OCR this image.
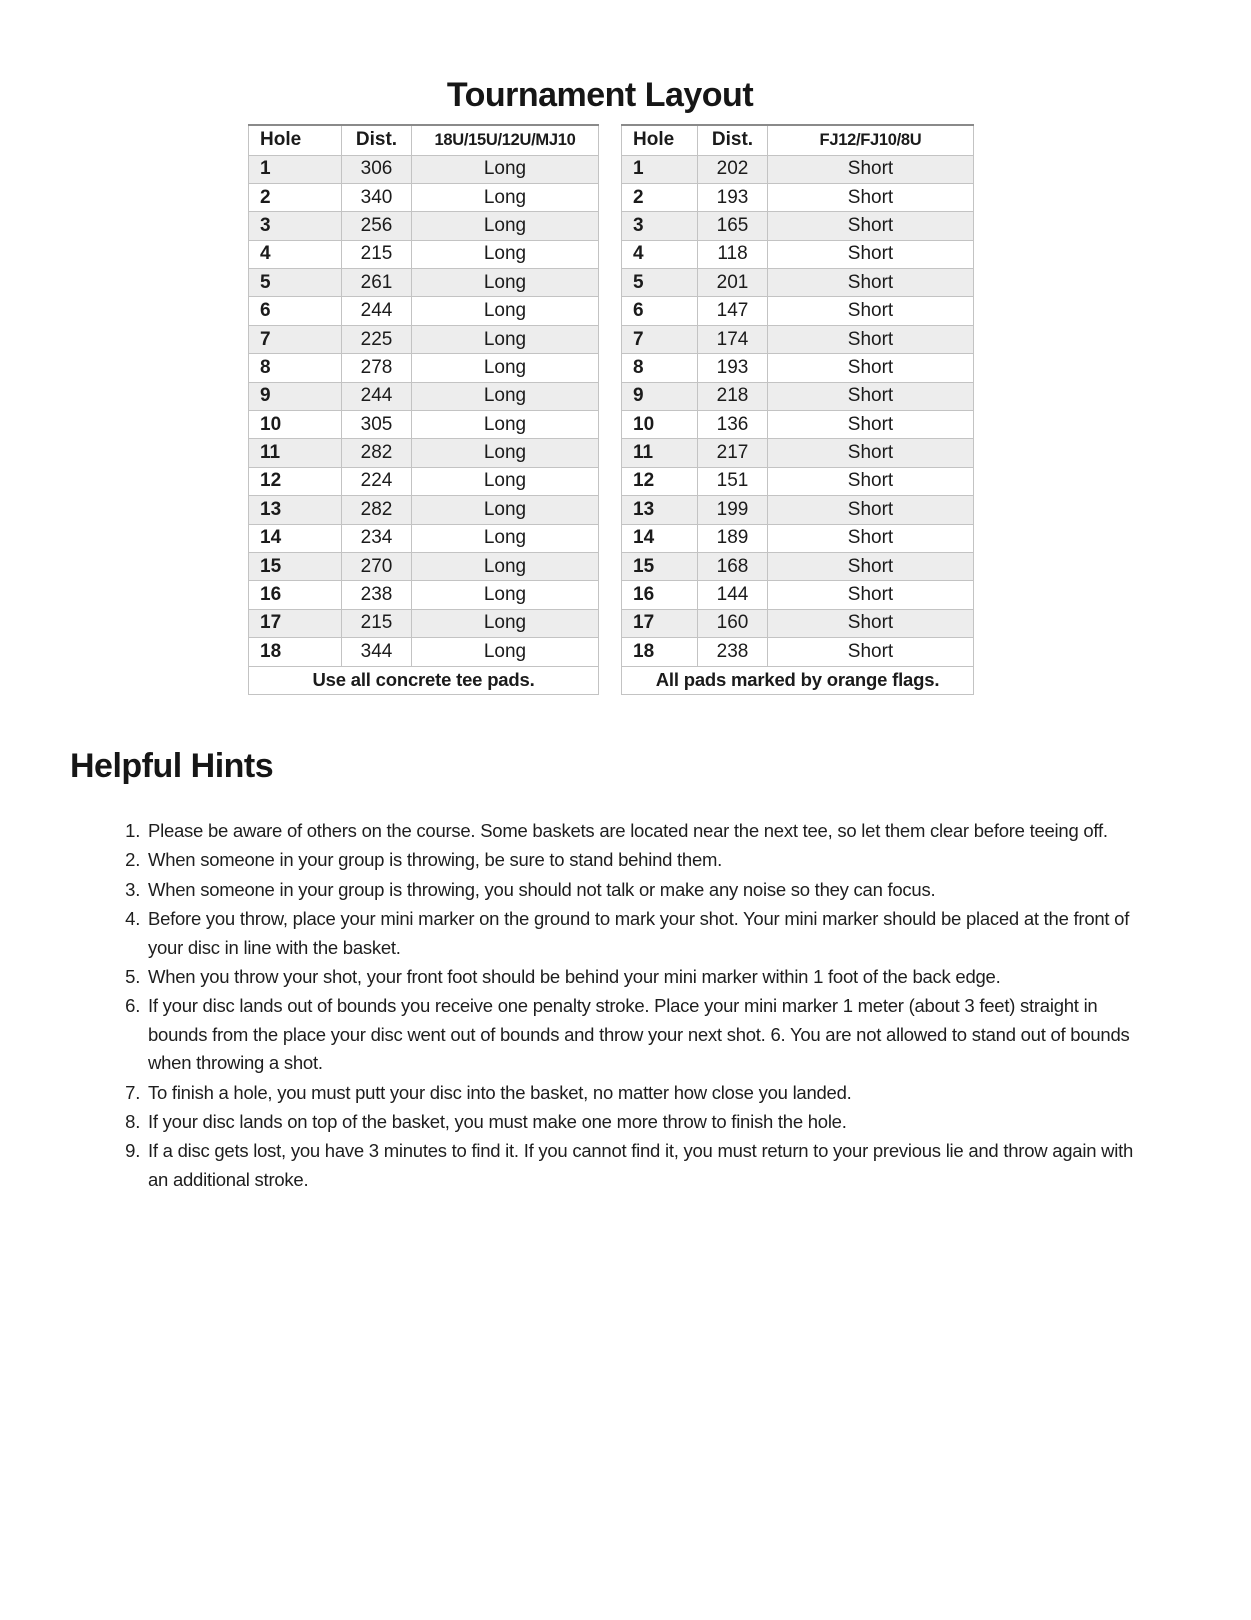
Tournament Layout
Hole	Dist.	18U/15U/12U/MJ10
1	306	Long
2	340	Long
3	256	Long
4	215	Long
5	261	Long
6	244	Long
7	225	Long
8	278	Long
9	244	Long
10	305	Long
11	282	Long
12	224	Long
13	282	Long
14	234	Long
15	270	Long
16	238	Long
17	215	Long
18	344	Long
Use all concrete tee pads.		
Hole	Dist.	FJ12/FJ10/8U
1	202	Short
2	193	Short
3	165	Short
4	118	Short
5	201	Short
6	147	Short
7	174	Short
8	193	Short
9	218	Short
10	136	Short
11	217	Short
12	151	Short
13	199	Short
14	189	Short
15	168	Short
16	144	Short
17	160	Short
18	238	Short
All pads marked by orange flags.		
Helpful Hints
1. Please be aware of others on the course. Some baskets are located near the next tee, so let them clear before teeing off.
2. When someone in your group is throwing, be sure to stand behind them.
3. When someone in your group is throwing, you should not talk or make any noise so they can focus.
4. Before you throw, place your mini marker on the ground to mark your shot. Your mini marker should be placed at the front of your disc in line with the basket.
5. When you throw your shot, your front foot should be behind your mini marker within 1 foot of the back edge.
6. If your disc lands out of bounds you receive one penalty stroke. Place your mini marker 1 meter (about 3 feet) straight in bounds from the place your disc went out of bounds and throw your next shot. 6. You are not allowed to stand out of bounds when throwing a shot.
7. To finish a hole, you must putt your disc into the basket, no matter how close you landed.
8. If your disc lands on top of the basket, you must make one more throw to finish the hole.
9. If a disc gets lost, you have 3 minutes to find it. If you cannot find it, you must return to your previous lie and throw again with an additional stroke.
